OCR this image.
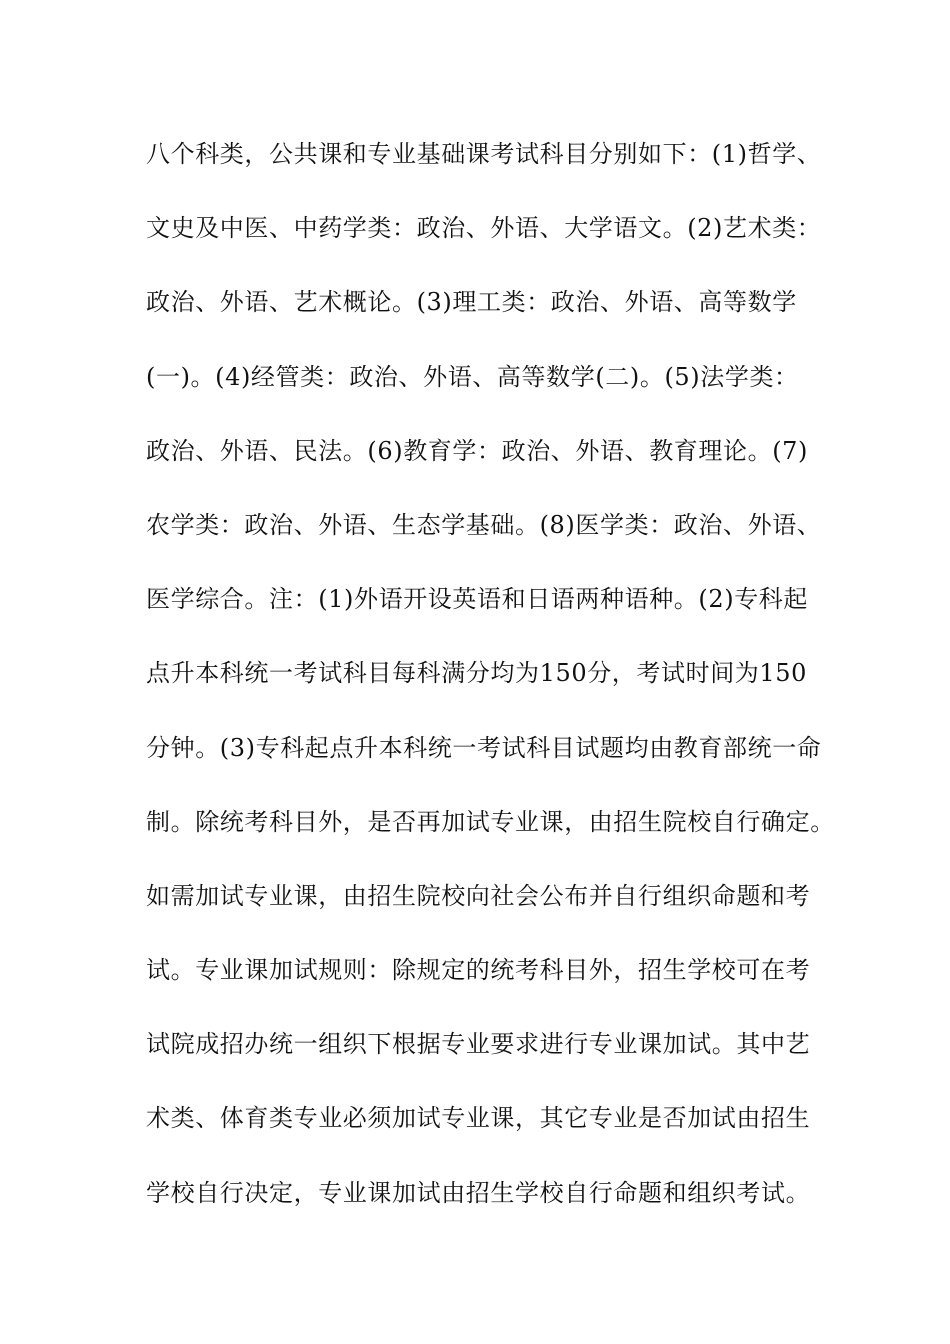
八个科类，公共课和专业基础课考试科目分别如下：(1)哲学、
文史及中医、中药学类：政治、外语、大学语文。(2)艺术类：
政治、外语、艺术概论。(3)理工类：政治、外语、高等数学
(一)。(4)经管类：政治、外语、高等数学(二)。(5)法学类：
政治、外语、民法。(6)教育学：政治、外语、教育理论。(7)
农学类：政治、外语、生态学基础。(8)医学类：政治、外语、
医学综合。注：(1)外语开设英语和日语两种语种。(2)专科起
点升本科统一考试科目每科满分均为150分，考试时间为150
分钟。(3)专科起点升本科统一考试科目试题均由教育部统一命
制。除统考科目外，是否再加试专业课，由招生院校自行确定。
如需加试专业课，由招生院校向社会公布并自行组织命题和考
试。专业课加试规则：除规定的统考科目外，招生学校可在考
试院成招办统一组织下根据专业要求进行专业课加试。其中艺
术类、体育类专业必须加试专业课，其它专业是否加试由招生
学校自行决定，专业课加试由招生学校自行命题和组织考试。
